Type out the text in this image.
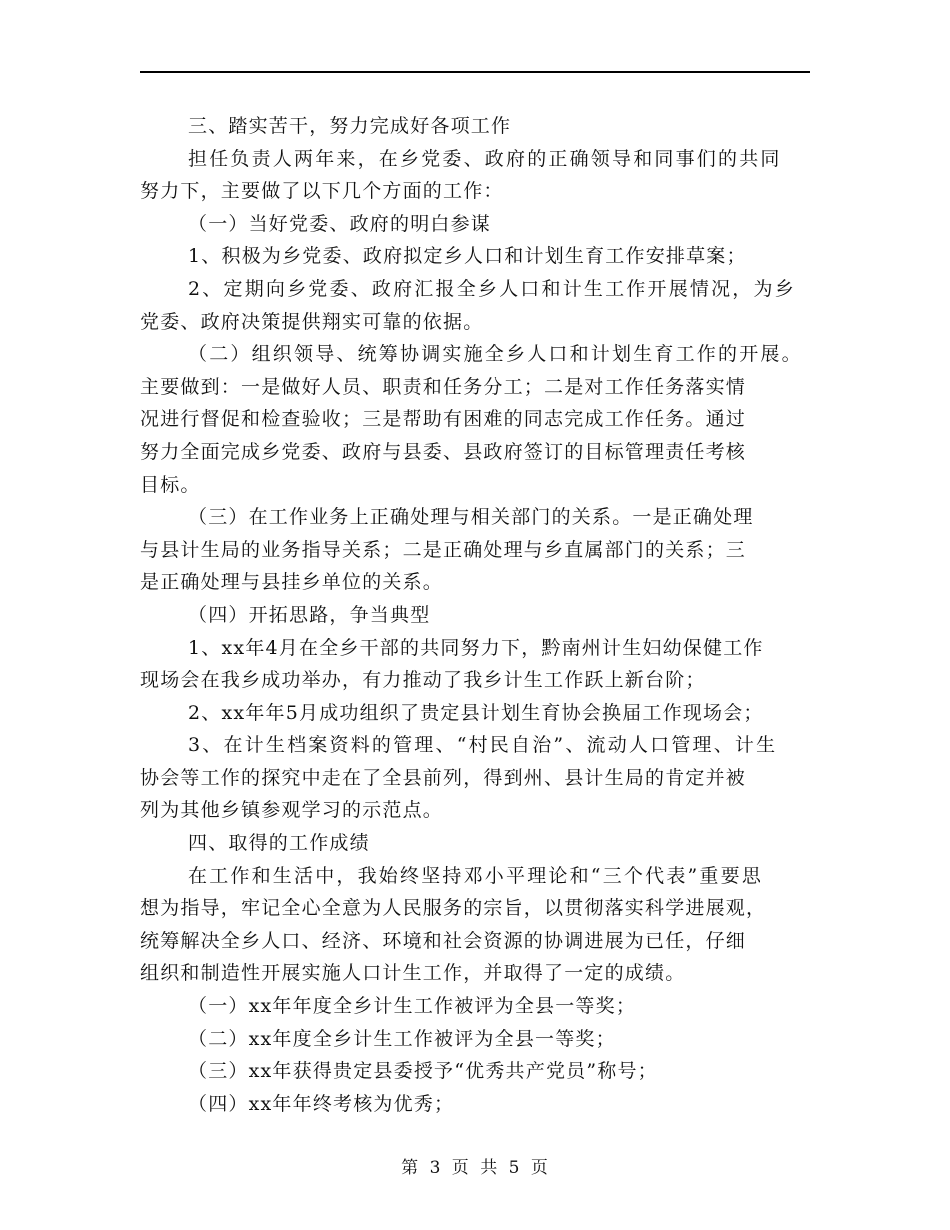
三、踏实苦干，努力完成好各项工作
担任负责人两年来，在乡党委、政府的正确领导和同事们的共同
努力下，主要做了以下几个方面的工作：
（一）当好党委、政府的明白参谋
1、积极为乡党委、政府拟定乡人口和计划生育工作安排草案；
2、定期向乡党委、政府汇报全乡人口和计生工作开展情况，为乡
党委、政府决策提供翔实可靠的依据。
（二）组织领导、统筹协调实施全乡人口和计划生育工作的开展。
主要做到：一是做好人员、职责和任务分工；二是对工作任务落实情
况进行督促和检查验收；三是帮助有困难的同志完成工作任务。通过
努力全面完成乡党委、政府与县委、县政府签订的目标管理责任考核
目标。
（三）在工作业务上正确处理与相关部门的关系。一是正确处理
与县计生局的业务指导关系；二是正确处理与乡直属部门的关系；三
是正确处理与县挂乡单位的关系。
（四）开拓思路，争当典型
1、xx年4月在全乡干部的共同努力下，黔南州计生妇幼保健工作
现场会在我乡成功举办，有力推动了我乡计生工作跃上新台阶；
2、xx年年5月成功组织了贵定县计划生育协会换届工作现场会；
3、在计生档案资料的管理、“村民自治”、流动人口管理、计生
协会等工作的探究中走在了全县前列，得到州、县计生局的肯定并被
列为其他乡镇参观学习的示范点。
四、取得的工作成绩
在工作和生活中，我始终坚持邓小平理论和“三个代表”重要思
想为指导，牢记全心全意为人民服务的宗旨，以贯彻落实科学进展观，
统筹解决全乡人口、经济、环境和社会资源的协调进展为已任，仔细
组织和制造性开展实施人口计生工作，并取得了一定的成绩。
（一）xx年年度全乡计生工作被评为全县一等奖；
（二）xx年度全乡计生工作被评为全县一等奖；
（三）xx年获得贵定县委授予“优秀共产党员”称号；
（四）xx年年终考核为优秀；
第 3 页 共 5 页
